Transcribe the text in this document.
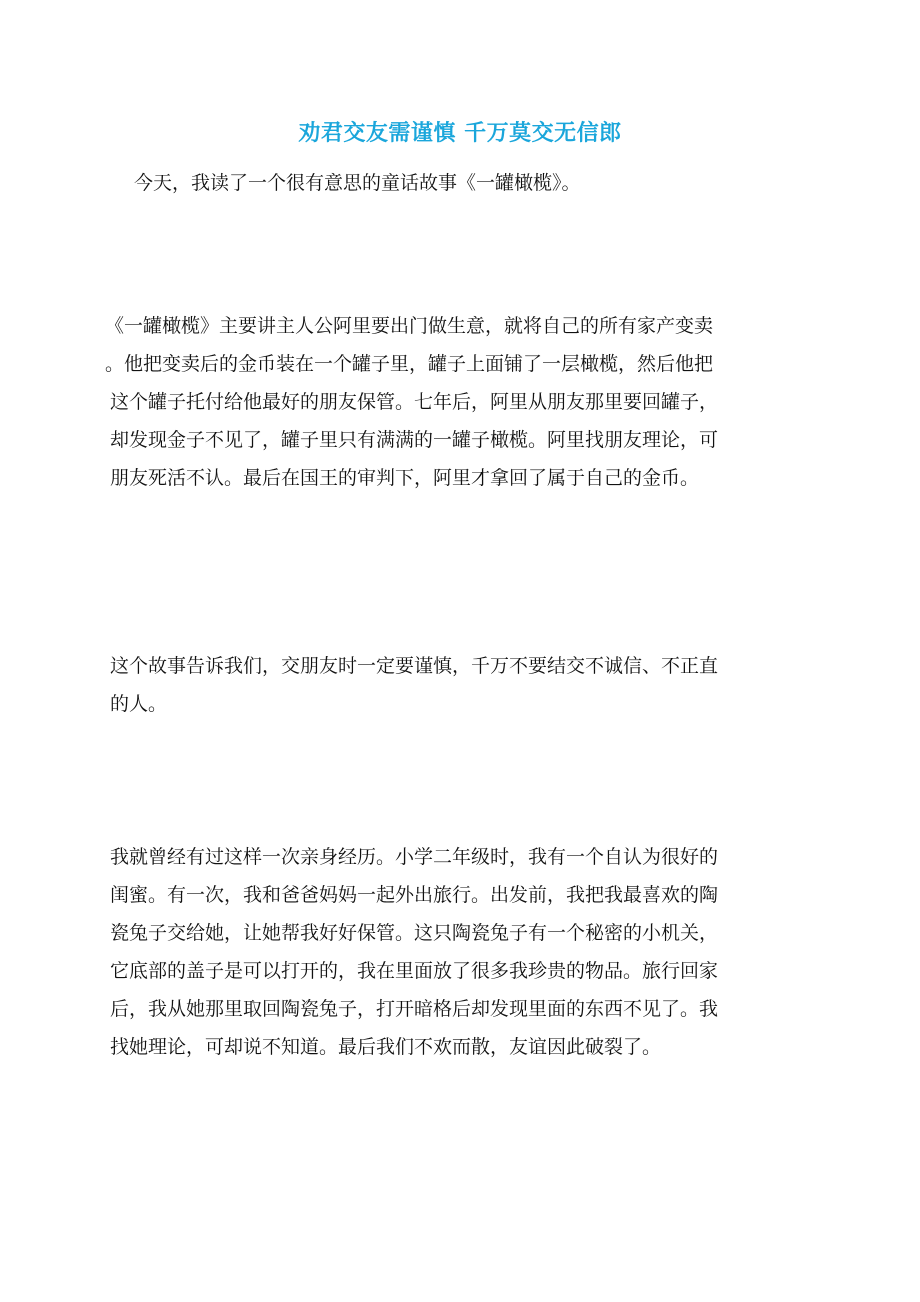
劝君交友需谨慎 千万莫交无信郎
今天，我读了一个很有意思的童话故事《一罐橄榄》。
《一罐橄榄》主要讲主人公阿里要出门做生意，就将自己的所有家产变卖
。他把变卖后的金币装在一个罐子里，罐子上面铺了一层橄榄，然后他把
这个罐子托付给他最好的朋友保管。七年后，阿里从朋友那里要回罐子，
却发现金子不见了，罐子里只有满满的一罐子橄榄。阿里找朋友理论，可
朋友死活不认。最后在国王的审判下，阿里才拿回了属于自己的金币。
这个故事告诉我们，交朋友时一定要谨慎，千万不要结交不诚信、不正直
的人。
我就曾经有过这样一次亲身经历。小学二年级时，我有一个自认为很好的
闺蜜。有一次，我和爸爸妈妈一起外出旅行。出发前，我把我最喜欢的陶
瓷兔子交给她，让她帮我好好保管。这只陶瓷兔子有一个秘密的小机关，
它底部的盖子是可以打开的，我在里面放了很多我珍贵的物品。旅行回家
后，我从她那里取回陶瓷兔子，打开暗格后却发现里面的东西不见了。我
找她理论，可却说不知道。最后我们不欢而散，友谊因此破裂了。
